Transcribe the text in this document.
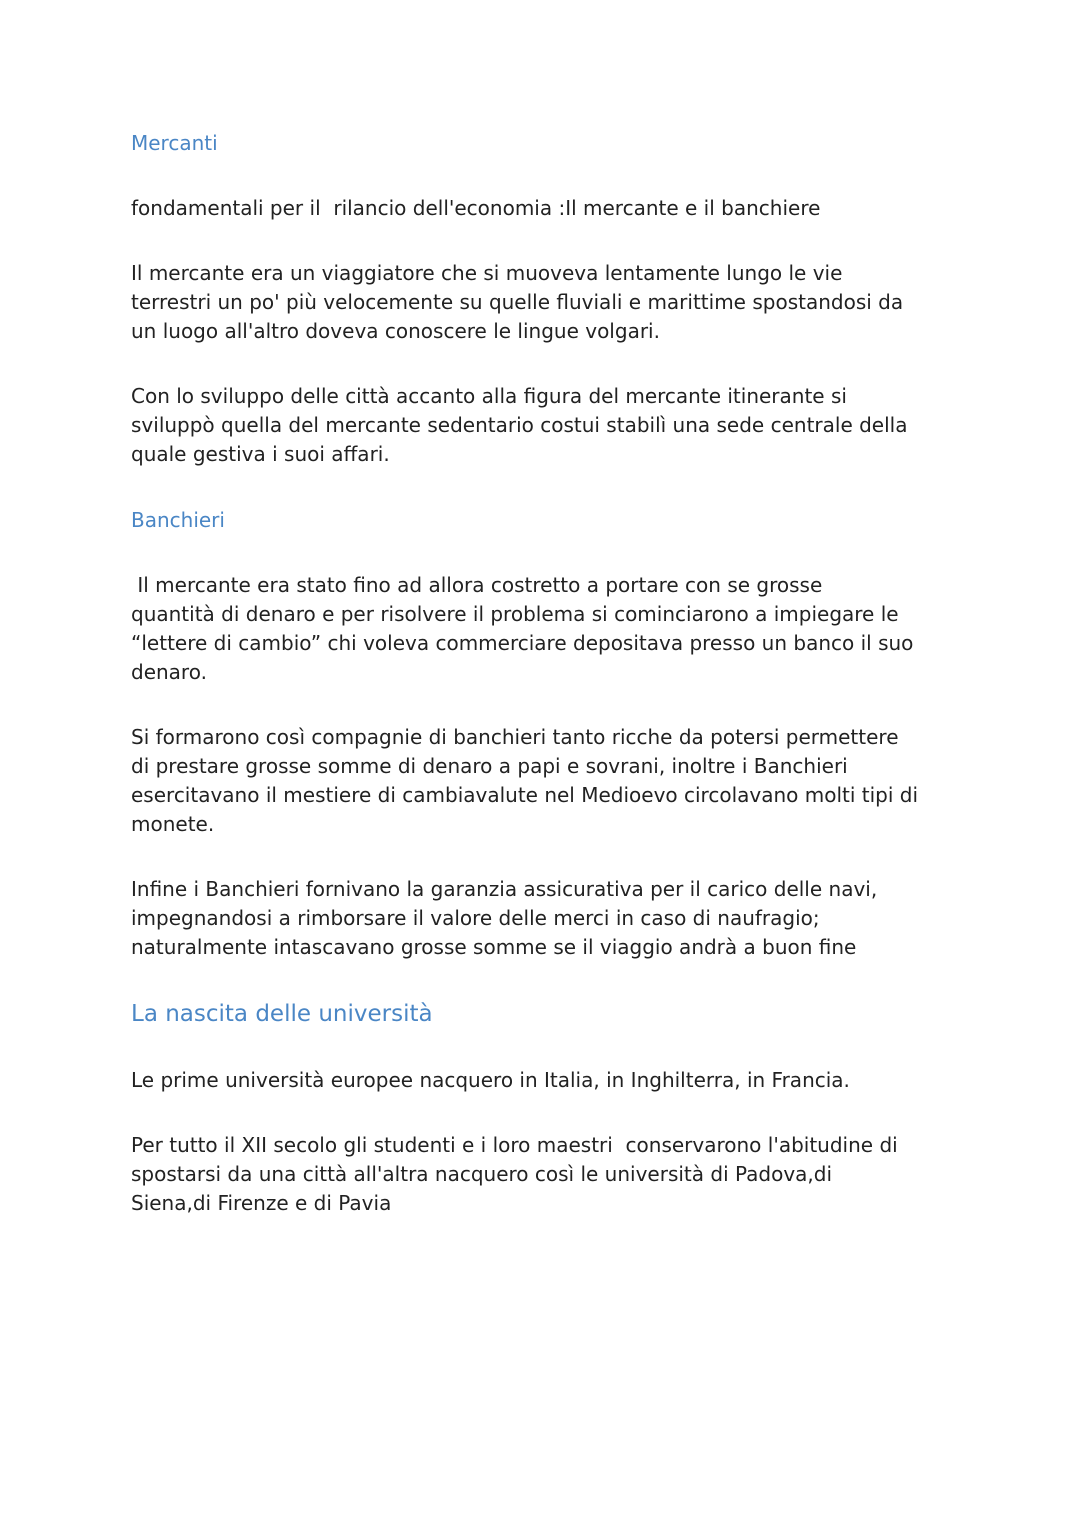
Mercanti

fondamentali per il  rilancio dell'economia :Il mercante e il banchiere

Il mercante era un viaggiatore che si muoveva lentamente lungo le vie
terrestri un po' più velocemente su quelle fluviali e marittime spostandosi da
un luogo all'altro doveva conoscere le lingue volgari.

Con lo sviluppo delle città accanto alla figura del mercante itinerante si
sviluppò quella del mercante sedentario costui stabilì una sede centrale della
quale gestiva i suoi affari.

Banchieri

Il mercante era stato fino ad allora costretto a portare con se grosse
quantità di denaro e per risolvere il problema si cominciarono a impiegare le
“lettere di cambio” chi voleva commerciare depositava presso un banco il suo
denaro.

Si formarono così compagnie di banchieri tanto ricche da potersi permettere
di prestare grosse somme di denaro a papi e sovrani, inoltre i Banchieri
esercitavano il mestiere di cambiavalute nel Medioevo circolavano molti tipi di
monete.

Infine i Banchieri fornivano la garanzia assicurativa per il carico delle navi,
impegnandosi a rimborsare il valore delle merci in caso di naufragio;
naturalmente intascavano grosse somme se il viaggio andrà a buon fine

La nascita delle università

Le prime università europee nacquero in Italia, in Inghilterra, in Francia.

Per tutto il XII secolo gli studenti e i loro maestri  conservarono l'abitudine di
spostarsi da una città all'altra nacquero così le università di Padova,di
Siena,di Firenze e di Pavia
